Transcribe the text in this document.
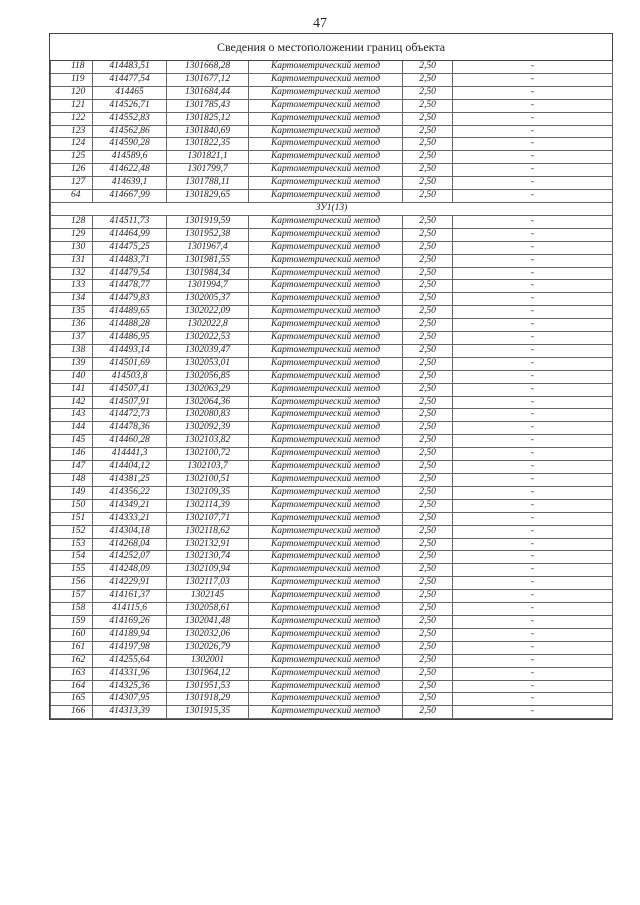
47
Сведения о местоположении границ объекта
118	414483,51	1301668,28	Картометрический метод	2,50	-
119	414477,54	1301677,12	Картометрический метод	2,50	-
120	414465	1301684,44	Картометрический метод	2,50	-
121	414526,71	1301785,43	Картометрический метод	2,50	-
122	414552,83	1301825,12	Картометрический метод	2,50	-
123	414562,86	1301840,69	Картометрический метод	2,50	-
124	414590,28	1301822,35	Картометрический метод	2,50	-
125	414589,6	1301821,1	Картометрический метод	2,50	-
126	414622,48	1301799,7	Картометрический метод	2,50	-
127	414639,1	1301788,11	Картометрический метод	2,50	-
64	414667,99	1301829,65	Картометрический метод	2,50	-
ЗУ1(13)					
128	414511,73	1301919,59	Картометрический метод	2,50	-
129	414464,99	1301952,38	Картометрический метод	2,50	-
130	414475,25	1301967,4	Картометрический метод	2,50	-
131	414483,71	1301981,55	Картометрический метод	2,50	-
132	414479,54	1301984,34	Картометрический метод	2,50	-
133	414478,77	1301994,7	Картометрический метод	2,50	-
134	414479,83	1302005,37	Картометрический метод	2,50	-
135	414489,65	1302022,09	Картометрический метод	2,50	-
136	414488,28	1302022,8	Картометрический метод	2,50	-
137	414486,95	1302022,53	Картометрический метод	2,50	-
138	414493,14	1302039,47	Картометрический метод	2,50	-
139	414501,69	1302053,01	Картометрический метод	2,50	-
140	414503,8	1302056,85	Картометрический метод	2,50	-
141	414507,41	1302063,29	Картометрический метод	2,50	-
142	414507,91	1302064,36	Картометрический метод	2,50	-
143	414472,73	1302080,83	Картометрический метод	2,50	-
144	414478,36	1302092,39	Картометрический метод	2,50	-
145	414460,28	1302103,82	Картометрический метод	2,50	-
146	414441,3	1302100,72	Картометрический метод	2,50	-
147	414404,12	1302103,7	Картометрический метод	2,50	-
148	414381,25	1302100,51	Картометрический метод	2,50	-
149	414356,22	1302109,35	Картометрический метод	2,50	-
150	414349,21	1302114,39	Картометрический метод	2,50	-
151	414333,21	1302107,71	Картометрический метод	2,50	-
152	414304,18	1302118,62	Картометрический метод	2,50	-
153	414268,04	1302132,91	Картометрический метод	2,50	-
154	414252,07	1302130,74	Картометрический метод	2,50	-
155	414248,09	1302109,94	Картометрический метод	2,50	-
156	414229,91	1302117,03	Картометрический метод	2,50	-
157	414161,37	1302145	Картометрический метод	2,50	-
158	414115,6	1302058,61	Картометрический метод	2,50	-
159	414169,26	1302041,48	Картометрический метод	2,50	-
160	414189,94	1302032,06	Картометрический метод	2,50	-
161	414197,98	1302026,79	Картометрический метод	2,50	-
162	414255,64	1302001	Картометрический метод	2,50	-
163	414331,96	1301964,12	Картометрический метод	2,50	-
164	414325,36	1301951,53	Картометрический метод	2,50	-
165	414307,95	1301918,29	Картометрический метод	2,50	-
166	414313,39	1301915,35	Картометрический метод	2,50	-
